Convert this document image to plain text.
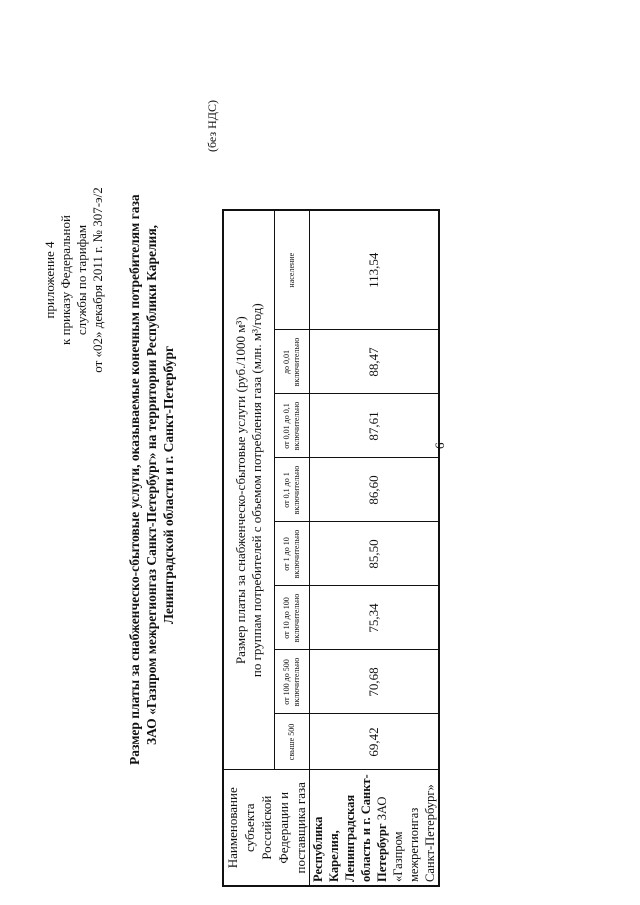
приложение 4 к приказу Федеральной службы по тарифам от «02» декабря 2011 г. № 307-э/2 Размер платы за снабженческо-сбытовые услуги, оказываемые конечным потребителям газа ЗАО «Газпром межрегионгаз Санкт-Петербург» на территории Республики Карелия, Ленинградской области и г. Санкт-Петербург
(без НДС)
Наименование субъекта Российской Федерации и поставщика газа	Размер платы за снабженческо-сбытовые услуги (руб./1000 м³) по группам потребителей с объемом потребления газа (млн. м³/год)							

	свыше 500	от 100 до 500 включительно	от 10 до 100 включительно	от 1 до 10 включительно	от 0,1 до 1 включительно	от 0,01 до 0,1 включительно	до 0,01 включительно	население
Республика Карелия, Ленинградская область и г. Санкт-Петербург ЗАО «Газпром межрегионгаз Санкт-Петербург»	69,42	70,68	75,34	85,50	86,60	87,61	88,47	113,54
6
